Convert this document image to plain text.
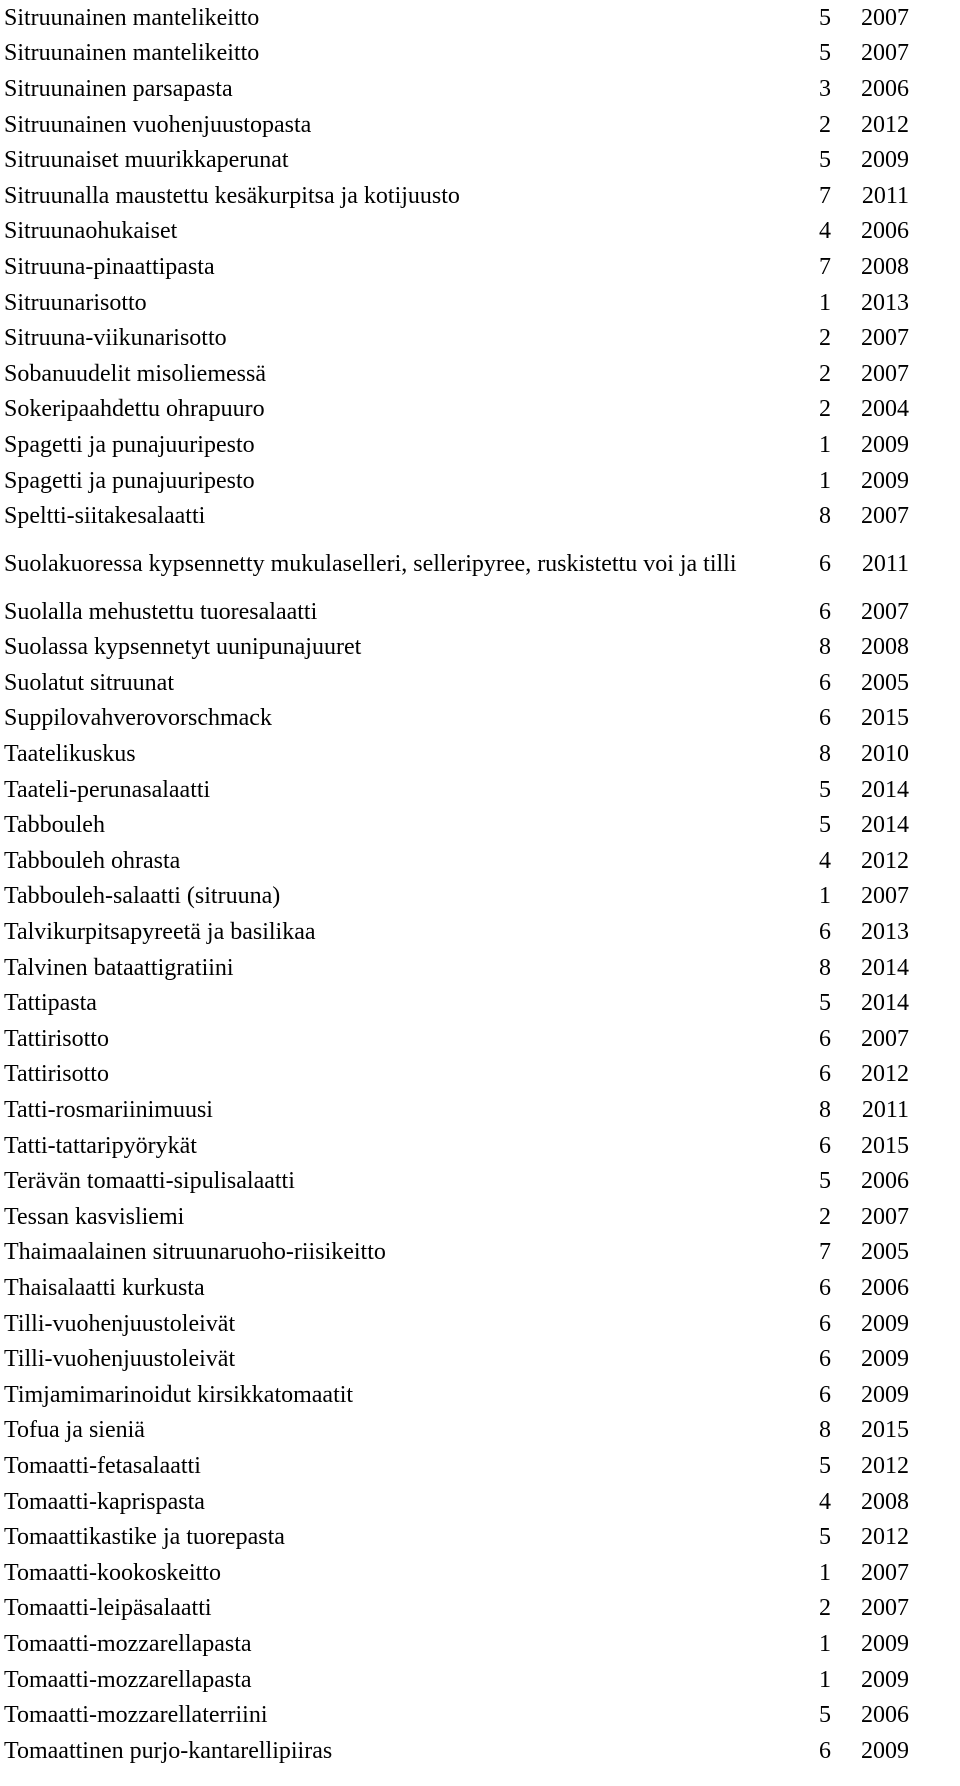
Sitruunainen mantelikeitto	5	2007
Sitruunainen mantelikeitto	5	2007
Sitruunainen parsapasta	3	2006
Sitruunainen vuohenjuustopasta	2	2012
Sitruunaiset muurikkaperunat	5	2009
Sitruunalla maustettu kesäkurpitsa ja kotijuusto	7	2011
Sitruunaohukaiset	4	2006
Sitruuna-pinaattipasta	7	2008
Sitruunarisotto	1	2013
Sitruuna-viikunarisotto	2	2007
Sobanuudelit misoliemessä	2	2007
Sokeripaahdettu ohrapuuro	2	2004
Spagetti ja punajuuripesto	1	2009
Spagetti ja punajuuripesto	1	2009
Speltti-siitakesalaatti	8	2007
Suolakuoressa kypsennetty mukulaselleri, selleripyree, ruskistettu voi ja tilli	6	2011
Suolalla mehustettu tuoresalaatti	6	2007
Suolassa kypsennetyt uunipunajuuret	8	2008
Suolatut sitruunat	6	2005
Suppilovahverovorschmack	6	2015
Taatelikuskus	8	2010
Taateli-perunasalaatti	5	2014
Tabbouleh	5	2014
Tabbouleh ohrasta	4	2012
Tabbouleh-salaatti (sitruuna)	1	2007
Talvikurpitsapyreetä ja basilikaa	6	2013
Talvinen bataattigratiini	8	2014
Tattipasta	5	2014
Tattirisotto	6	2007
Tattirisotto	6	2012
Tatti-rosmariinimuusi	8	2011
Tatti-tattaripyörykät	6	2015
Terävän tomaatti-sipulisalaatti	5	2006
Tessan kasvisliemi	2	2007
Thaimaalainen sitruunaruoho-riisikeitto	7	2005
Thaisalaatti kurkusta	6	2006
Tilli-vuohenjuustoleivät	6	2009
Tilli-vuohenjuustoleivät	6	2009
Timjamimarinoidut kirsikkatomaatit	6	2009
Tofua ja sieniä	8	2015
Tomaatti-fetasalaatti	5	2012
Tomaatti-kaprispasta	4	2008
Tomaattikastike ja tuorepasta	5	2012
Tomaatti-kookoskeitto	1	2007
Tomaatti-leipäsalaatti	2	2007
Tomaatti-mozzarellapasta	1	2009
Tomaatti-mozzarellapasta	1	2009
Tomaatti-mozzarellaterriini	5	2006
Tomaattinen purjo-kantarellipiiras	6	2009
